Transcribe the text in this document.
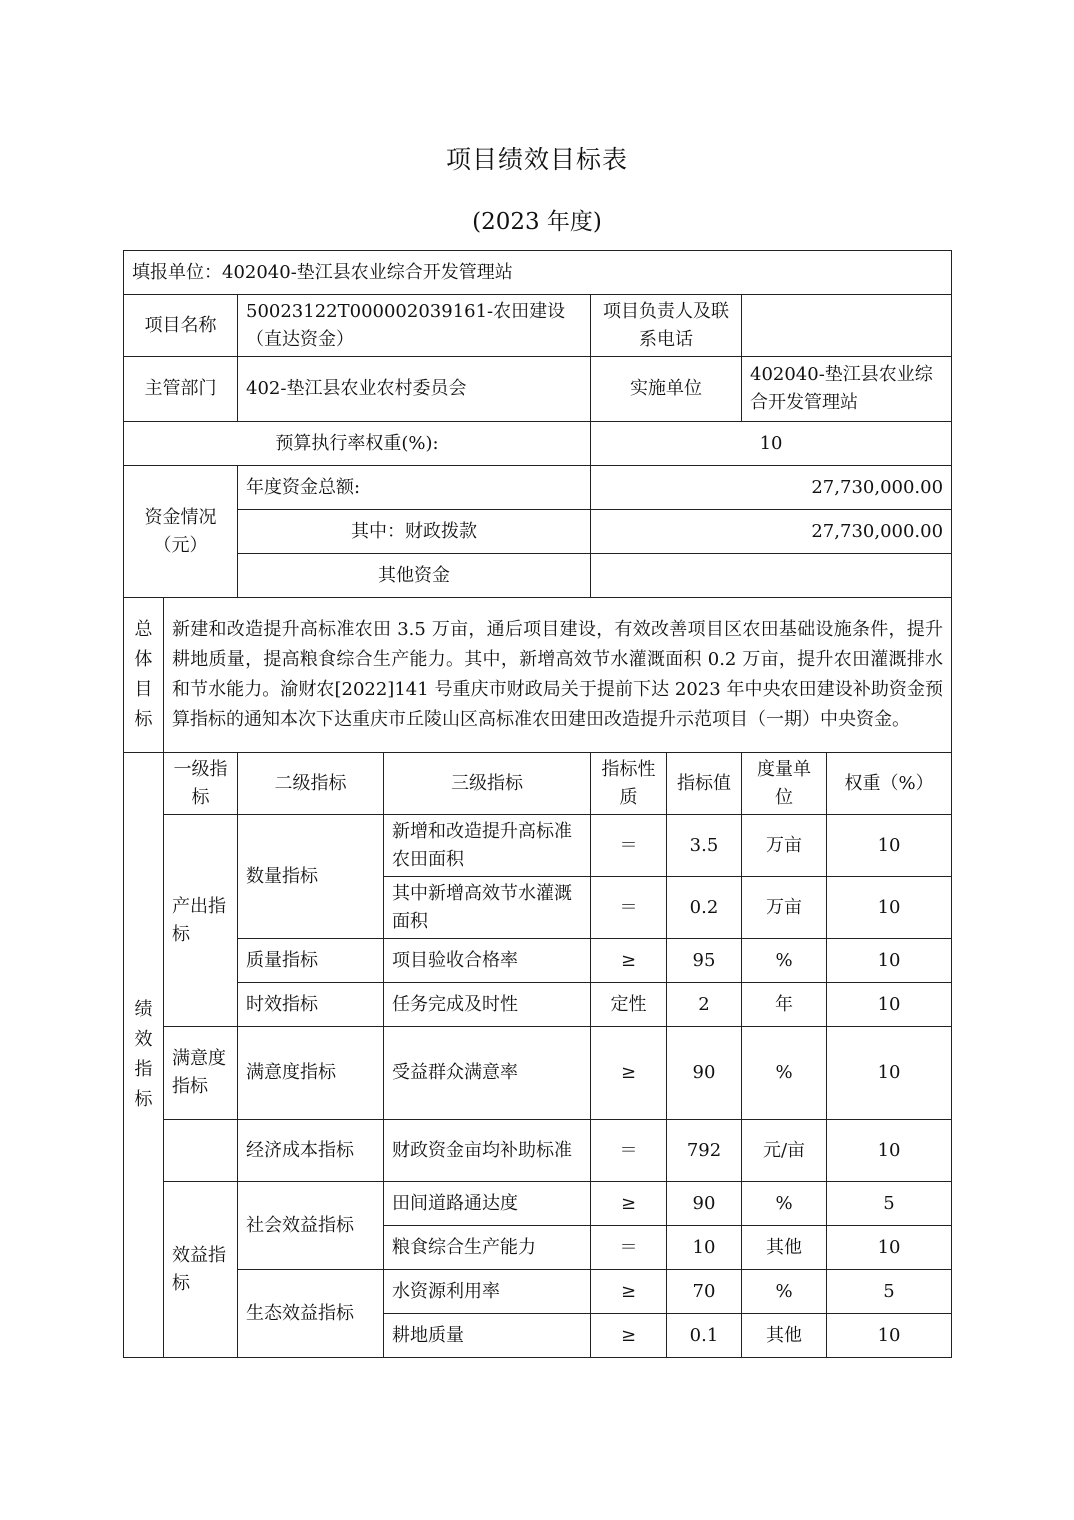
项目绩效目标表
(2023 年度)
填报单位：402040-垫江县农业综合开发管理站							
项目名称		50023122T000002039161-农田建设（直达资金）		项目负责人及联系电话			
主管部门		402-垫江县农业农村委员会		实施单位		402040-垫江县农业综合开发管理站	
预算执行率权重(%):				10			
资金情况（元）		年度资金总额:		27,730,000.00			
		其中：财政拨款		27,730,000.00			
		其他资金					
总体目标	新建和改造提升高标准农田 3.5 万亩，通后项目建设，有效改善项目区农田基础设施条件，提升耕地质量，提高粮食综合生产能力。其中，新增高效节水灌溉面积 0.2 万亩，提升农田灌溉排水和节水能力。渝财农[2022]141 号重庆市财政局关于提前下达 2023 年中央农田建设补助资金预算指标的通知本次下达重庆市丘陵山区高标准农田建田改造提升示范项目（一期）中央资金。						
绩效指标	一级指标	二级指标	三级指标	指标性质	指标值	度量单位	权重（%）
	产出指标	数量指标	新增和改造提升高标准农田面积	＝	3.5	万亩	10
			其中新增高效节水灌溉面积	＝	0.2	万亩	10
		质量指标	项目验收合格率	≥	95	%	10
		时效指标	任务完成及时性	定性	2	年	10
	满意度指标	满意度指标	受益群众满意率	≥	90	%	10
		经济成本指标	财政资金亩均补助标准	＝	792	元/亩	10
	效益指标	社会效益指标	田间道路通达度	≥	90	%	5
			粮食综合生产能力	＝	10	其他	10
		生态效益指标	水资源利用率	≥	70	%	5
			耕地质量	≥	0.1	其他	10
